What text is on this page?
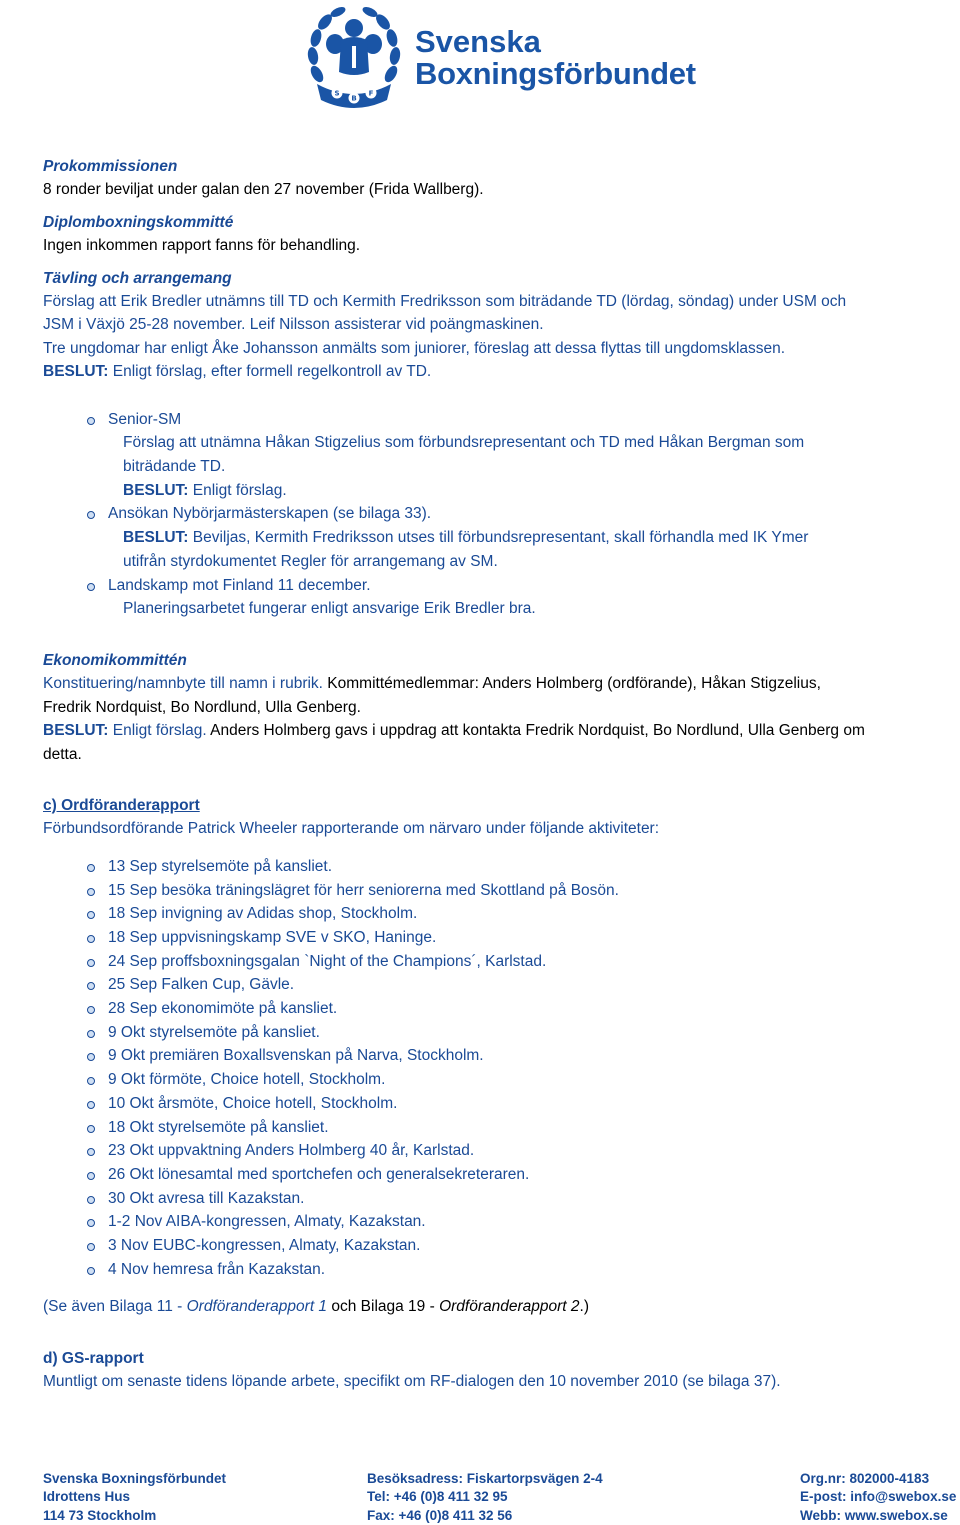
S
B
F
Svenska
Boxningsförbundet

Prokommissionen

8 ronder beviljat under galan den 27 november (Frida Wallberg).

Diplomboxningskommitté

Ingen inkommen rapport fanns för behandling.

Tävling och arrangemang

Förslag att Erik Bredler utnämns till TD och Kermith Fredriksson som biträdande TD (lördag, söndag) under USM och

JSM i Växjö 25-28 november. Leif Nilsson assisterar vid poängmaskinen.

Tre ungdomar har enligt Åke Johansson anmälts som juniorer, föreslag att dessa flyttas till ungdomsklassen.

BESLUT: Enligt förslag, efter formell regelkontroll av TD.

Senior-SM
Förslag att utnämna Håkan Stigzelius som förbundsrepresentant och TD med Håkan Bergman som
biträdande TD.
BESLUT: Enligt förslag.
Ansökan Nybörjarmästerskapen (se bilaga 33).
BESLUT: Beviljas, Kermith Fredriksson utses till förbundsrepresentant, skall förhandla med IK Ymer
utifrån styrdokumentet Regler för arrangemang av SM.
Landskamp mot Finland 11 december.
Planeringsarbetet fungerar enligt ansvarige Erik Bredler bra.

Ekonomikommittén

Konstituering/namnbyte till namn i rubrik. Kommittémedlemmar: Anders Holmberg (ordförande), Håkan Stigzelius,

Fredrik Nordquist, Bo Nordlund, Ulla Genberg.

BESLUT: Enligt förslag. Anders Holmberg gavs i uppdrag att kontakta Fredrik Nordquist, Bo Nordlund, Ulla Genberg om

detta.

c) Ordföranderapport

Förbundsordförande Patrick Wheeler rapporterande om närvaro under följande aktiviteter:

13 Sep styrelsemöte på kansliet.
15 Sep besöka träningslägret för herr seniorerna med Skottland på Bosön.
18 Sep invigning av Adidas shop, Stockholm.
18 Sep uppvisningskamp SVE v SKO, Haninge.
24 Sep proffsboxningsgalan `Night of the Champions´, Karlstad.
25 Sep Falken Cup, Gävle.
28 Sep ekonomimöte på kansliet.
9 Okt styrelsemöte på kansliet.
9 Okt premiären Boxallsvenskan på Narva, Stockholm.
9 Okt förmöte, Choice hotell, Stockholm.
10 Okt årsmöte, Choice hotell, Stockholm.
18 Okt styrelsemöte på kansliet.
23 Okt uppvaktning Anders Holmberg 40 år, Karlstad.
26 Okt lönesamtal med sportchefen och generalsekreteraren.
30 Okt avresa till Kazakstan.
1-2 Nov AIBA-kongressen, Almaty, Kazakstan.
3 Nov EUBC-kongressen, Almaty, Kazakstan.
4 Nov hemresa från Kazakstan.

(Se även Bilaga 11 - Ordföranderapport 1 och Bilaga 19 - Ordföranderapport 2.)

d) GS-rapport

Muntligt om senaste tidens löpande arbete, specifikt om RF-dialogen den 10 november 2010 (se bilaga 37).

Svenska Boxningsförbundet
Idrottens Hus
114 73 Stockholm
Besöksadress: Fiskartorpsvägen 2-4
Tel: +46 (0)8 411 32 95
Fax: +46 (0)8 411 32 56
Org.nr: 802000-4183
E-post: info@swebox.se
Webb: www.swebox.se
